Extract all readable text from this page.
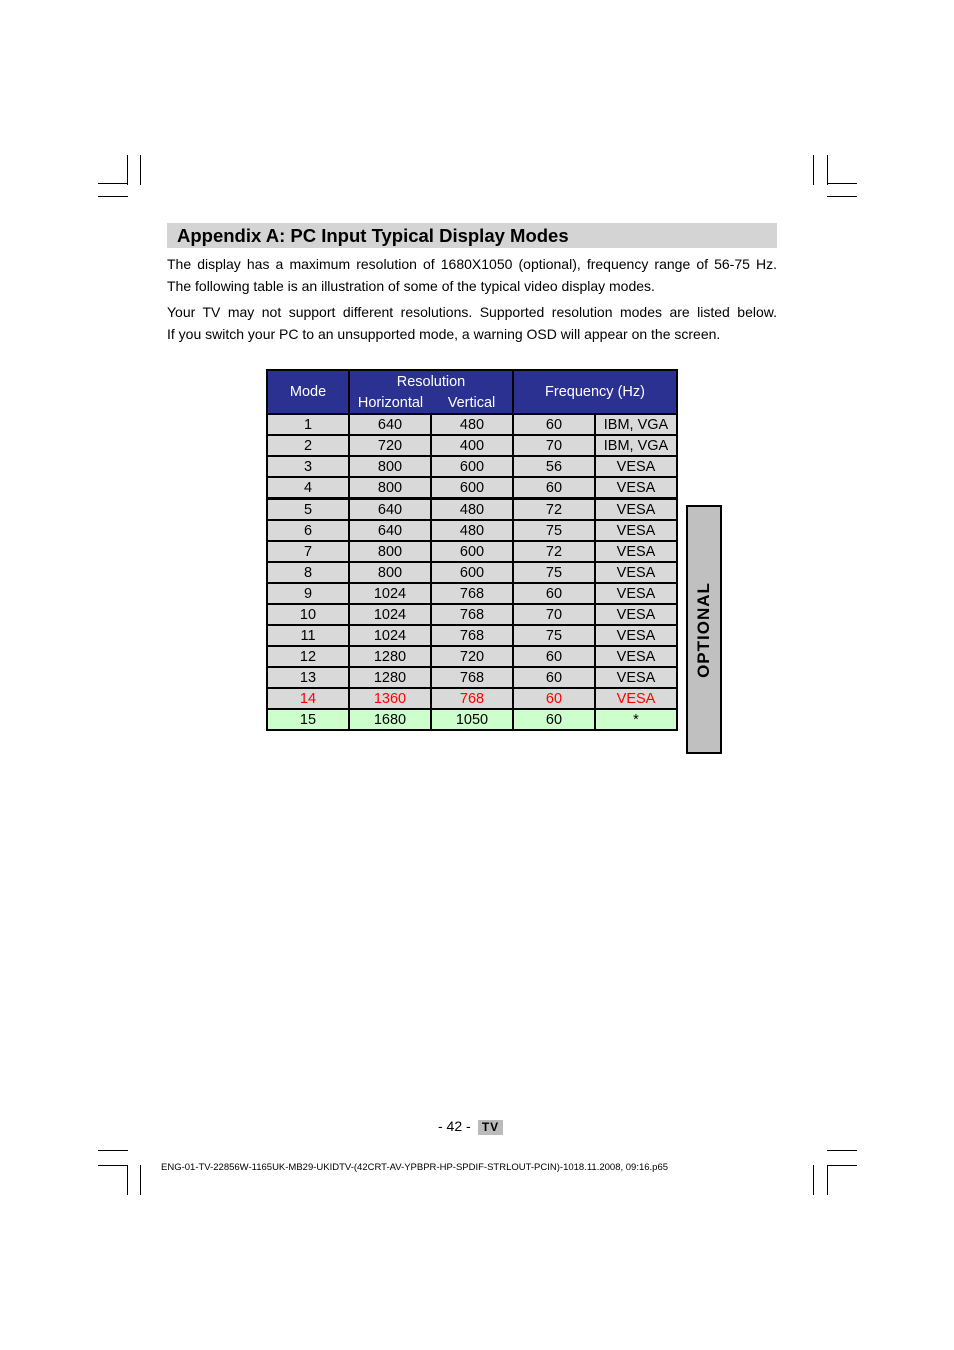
Appendix A: PC Input Typical Display Modes
The display has a maximum resolution of 1680X1050 (optional), frequency range of 56-75 Hz.
The following table is an illustration of some of the typical video display modes.
Your TV may not support different resolutions. Supported resolution modes are listed below.
If you switch your PC to an unsupported mode, a warning OSD will appear on the screen.
Mode	Resolution		Frequency (Hz)	
	Horizontal	Vertical		
1	640	480	60	IBM, VGA
2	720	400	70	IBM, VGA
3	800	600	56	VESA
4	800	600	60	VESA
5	640	480	72	VESA
6	640	480	75	VESA
7	800	600	72	VESA
8	800	600	75	VESA
9	1024	768	60	VESA
10	1024	768	70	VESA
11	1024	768	75	VESA
12	1280	720	60	VESA
13	1280	768	60	VESA
14	1360	768	60	VESA
15	1680	1050	60	*
OPTIONAL
- 42 - TV
ENG-01-TV-22856W-1165UK-MB29-UKIDTV-(42CRT-AV-YPBPR-HP-SPDIF-STRLOUT-PCIN)-1018.11.2008, 09:16.p65
